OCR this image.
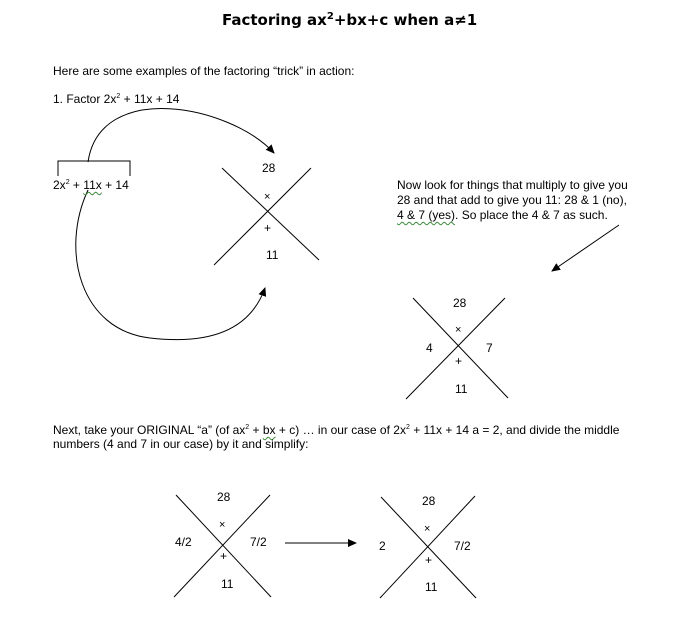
Factoring $ax^2+bx+c$ when a≠1
Here are some examples of the factoring “trick” in action:
1. Factor $2x^2 + 11x + 14$
$2x^2 + 11x + 14$
28
×
+
11
Now look for things that multiply to give you
28 and that add to give you 11: 28 & 1 (no),
4 & 7 (yes). So place the 4 & 7 as such.
28
×
4	7
+
11
Next, take your ORIGINAL “a” (of $ax^2$ + bx + c) … in our case of $2x^2 + 11x + 14$ a = 2, and divide the middle
numbers (4 and 7 in our case) by it and simplify:
28
×
4/2	7/2
+
11
28
×
2	7/2
+
11
